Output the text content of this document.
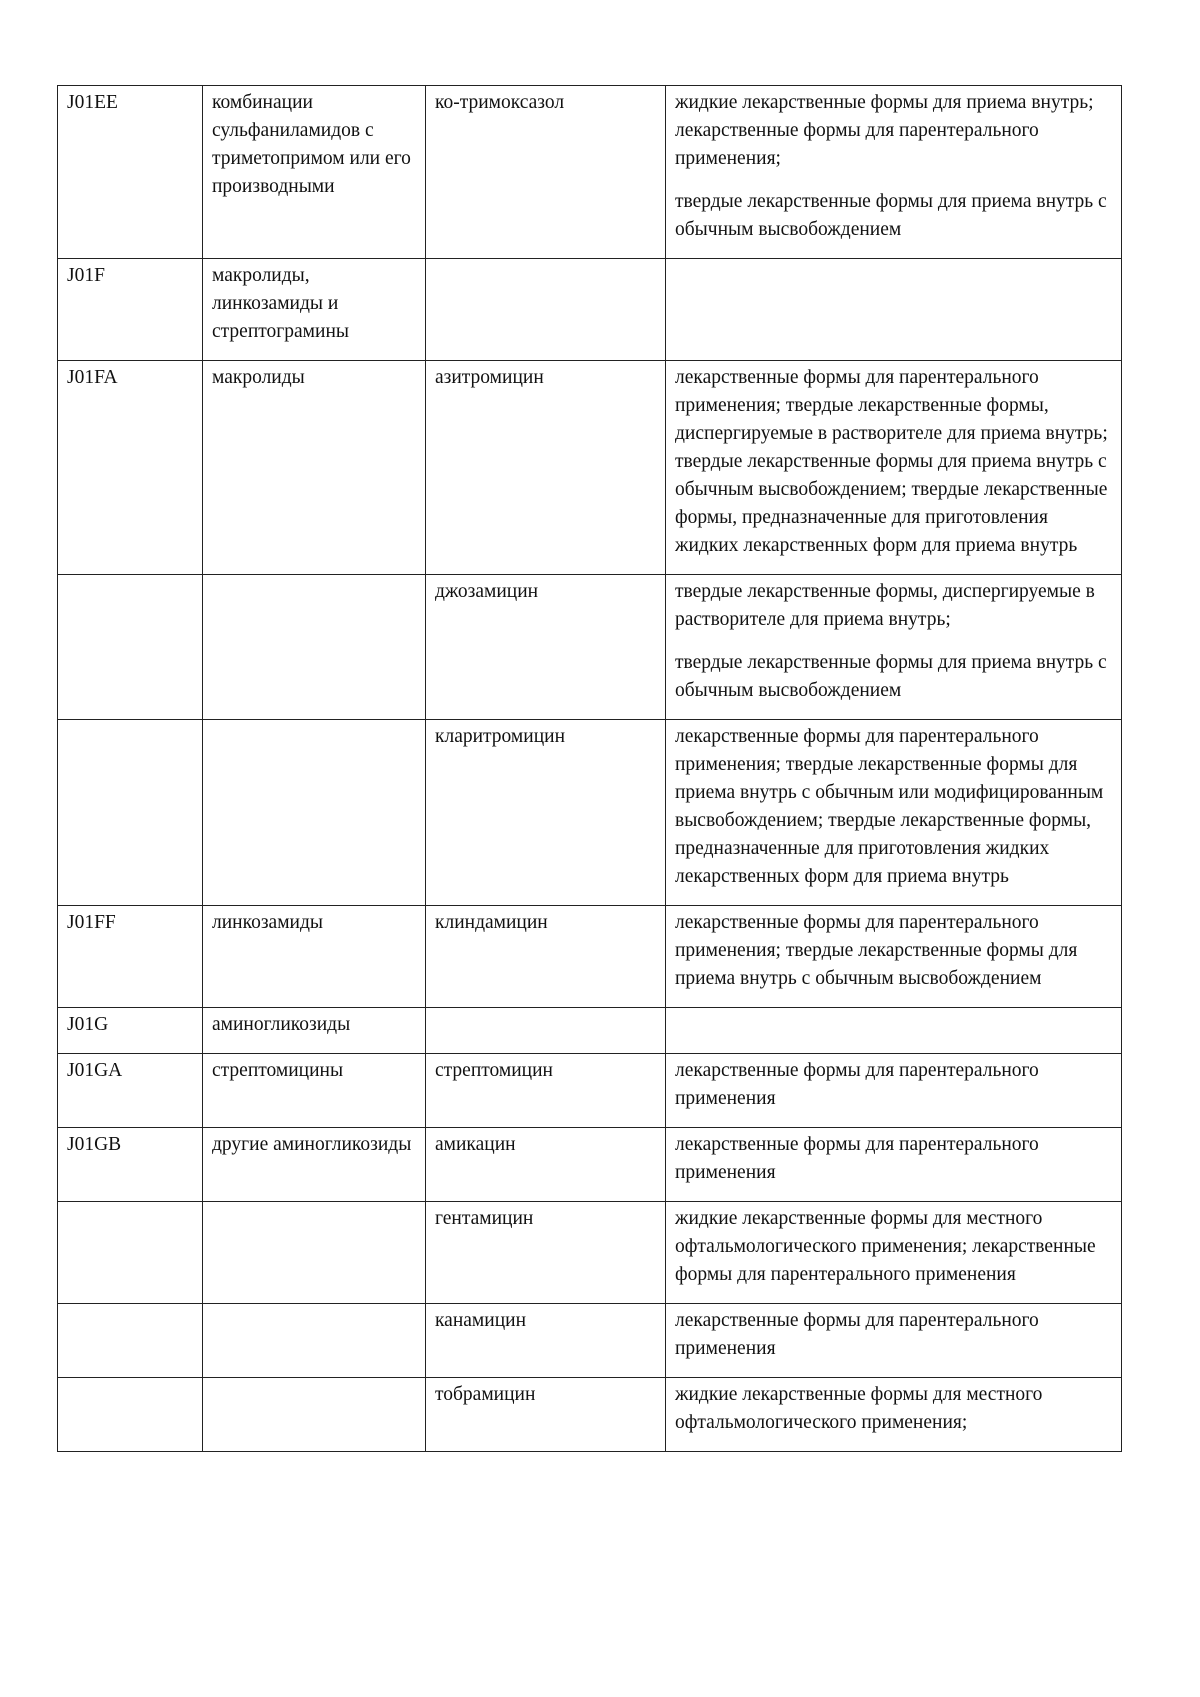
J01EE	комбинации сульфаниламидов с триметопримом или его производными	ко-тримоксазол	жидкие лекарственные формы для приема внутрь; лекарственные формы для парентерального применения;
твердые лекарственные формы для приема внутрь с обычным высвобождением

J01F	макролиды, линкозамиды и стрептограмины		
J01FA	макролиды	азитромицин	лекарственные формы для парентерального применения; твердые лекарственные формы, диспергируемые в растворителе для приема внутрь; твердые лекарственные формы для приема внутрь с обычным высвобождением; твердые лекарственные формы, предназначенные для приготовления жидких лекарственных форм для приема внутрь

		джозамицин	твердые лекарственные формы, диспергируемые в растворителе для приема внутрь;
твердые лекарственные формы для приема внутрь с обычным высвобождением

		кларитромицин	лекарственные формы для парентерального применения; твердые лекарственные формы для приема внутрь с обычным или модифицированным высвобождением; твердые лекарственные формы, предназначенные для приготовления жидких лекарственных форм для приема внутрь

J01FF	линкозамиды	клиндамицин	лекарственные формы для парентерального применения; твердые лекарственные формы для приема внутрь с обычным высвобождением

J01G	аминогликозиды		
J01GA	стрептомицины	стрептомицин	лекарственные формы для парентерального применения

J01GB	другие аминогликозиды	амикацин	лекарственные формы для парентерального применения

		гентамицин	жидкие лекарственные формы для местного офтальмологического применения; лекарственные формы для парентерального применения

		канамицин	лекарственные формы для парентерального применения

		тобрамицин	жидкие лекарственные формы для местного офтальмологического применения;
